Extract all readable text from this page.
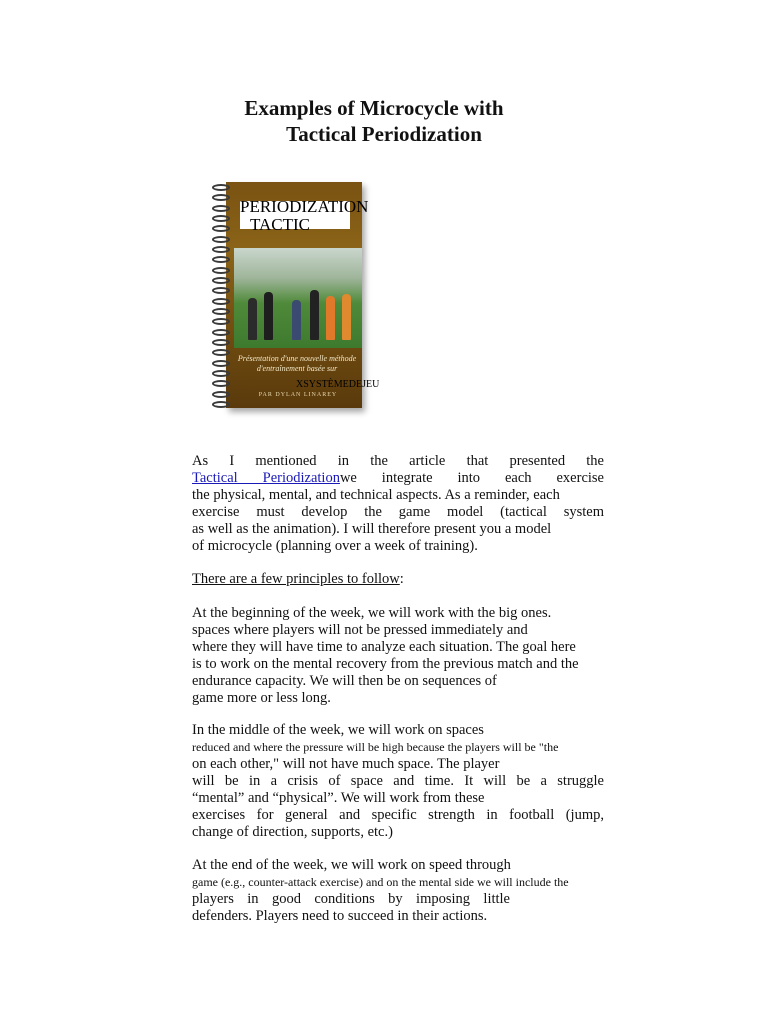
Examples of Microcycle with
Tactical Periodization
PERIODIZATION
TACTIC
Présentation d'une nouvelle méthode d'entraînement basée sur
XSYSTÈMEDEJEU
PAR DYLAN LINAREY
As I mentioned in the article that presented the
Tactical Periodizationwe integrate into each exercise
the physical, mental, and technical aspects. As a reminder, each
exercise must develop the game model (tactical system
as well as the animation). I will therefore present you a model
of microcycle (planning over a week of training).
There are a few principles to follow:
At the beginning of the week, we will work with the big ones.
spaces where players will not be pressed immediately and
where they will have time to analyze each situation. The goal here
is to work on the mental recovery from the previous match and the
endurance capacity. We will then be on sequences of
game more or less long.
In the middle of the week, we will work on spaces
reduced and where the pressure will be high because the players will be "the
on each other," will not have much space. The player
will be in a crisis of space and time. It will be a struggle
“mental” and “physical”. We will work from these
exercises for general and specific strength in football (jump,
change of direction, supports, etc.)
At the end of the week, we will work on speed through
game (e.g., counter-attack exercise) and on the mental side we will include the
players in good conditions by imposing little
defenders. Players need to succeed in their actions.
